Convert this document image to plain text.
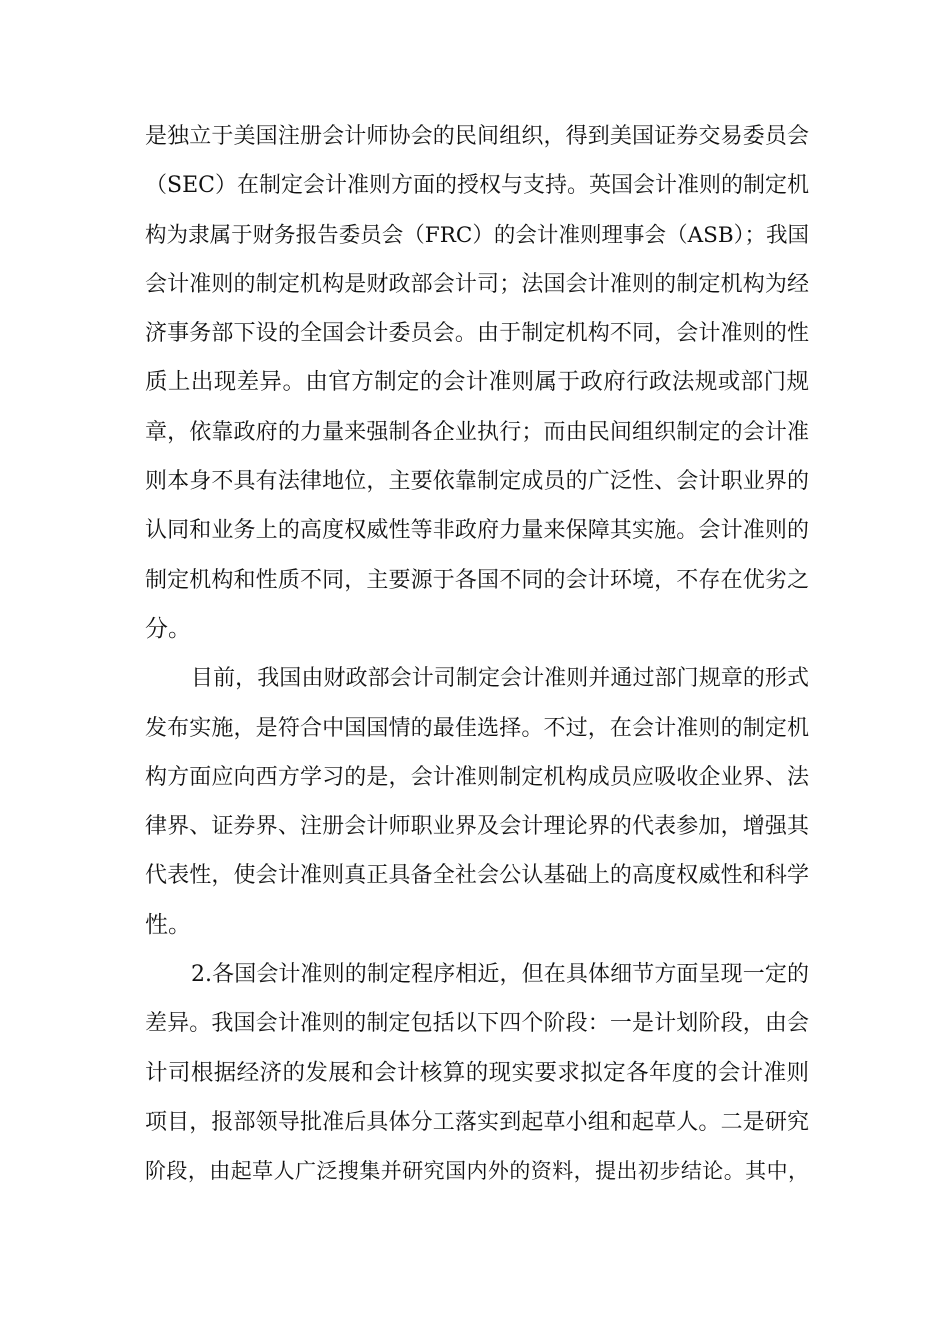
是独立于美国注册会计师协会的民间组织，得到美国证券交易委员会
（SEC）在制定会计准则方面的授权与支持。英国会计准则的制定机
构为隶属于财务报告委员会（FRC）的会计准则理事会（ASB）；我国
会计准则的制定机构是财政部会计司；法国会计准则的制定机构为经
济事务部下设的全国会计委员会。由于制定机构不同，会计准则的性
质上出现差异。由官方制定的会计准则属于政府行政法规或部门规
章，依靠政府的力量来强制各企业执行；而由民间组织制定的会计准
则本身不具有法律地位，主要依靠制定成员的广泛性、会计职业界的
认同和业务上的高度权威性等非政府力量来保障其实施。会计准则的
制定机构和性质不同，主要源于各国不同的会计环境，不存在优劣之
分。
目前，我国由财政部会计司制定会计准则并通过部门规章的形式
发布实施，是符合中国国情的最佳选择。不过，在会计准则的制定机
构方面应向西方学习的是，会计准则制定机构成员应吸收企业界、法
律界、证券界、注册会计师职业界及会计理论界的代表参加，增强其
代表性，使会计准则真正具备全社会公认基础上的高度权威性和科学
性。
2.各国会计准则的制定程序相近，但在具体细节方面呈现一定的
差异。我国会计准则的制定包括以下四个阶段：一是计划阶段，由会
计司根据经济的发展和会计核算的现实要求拟定各年度的会计准则
项目，报部领导批准后具体分工落实到起草小组和起草人。二是研究
阶段，由起草人广泛搜集并研究国内外的资料，提出初步结论。其中，
